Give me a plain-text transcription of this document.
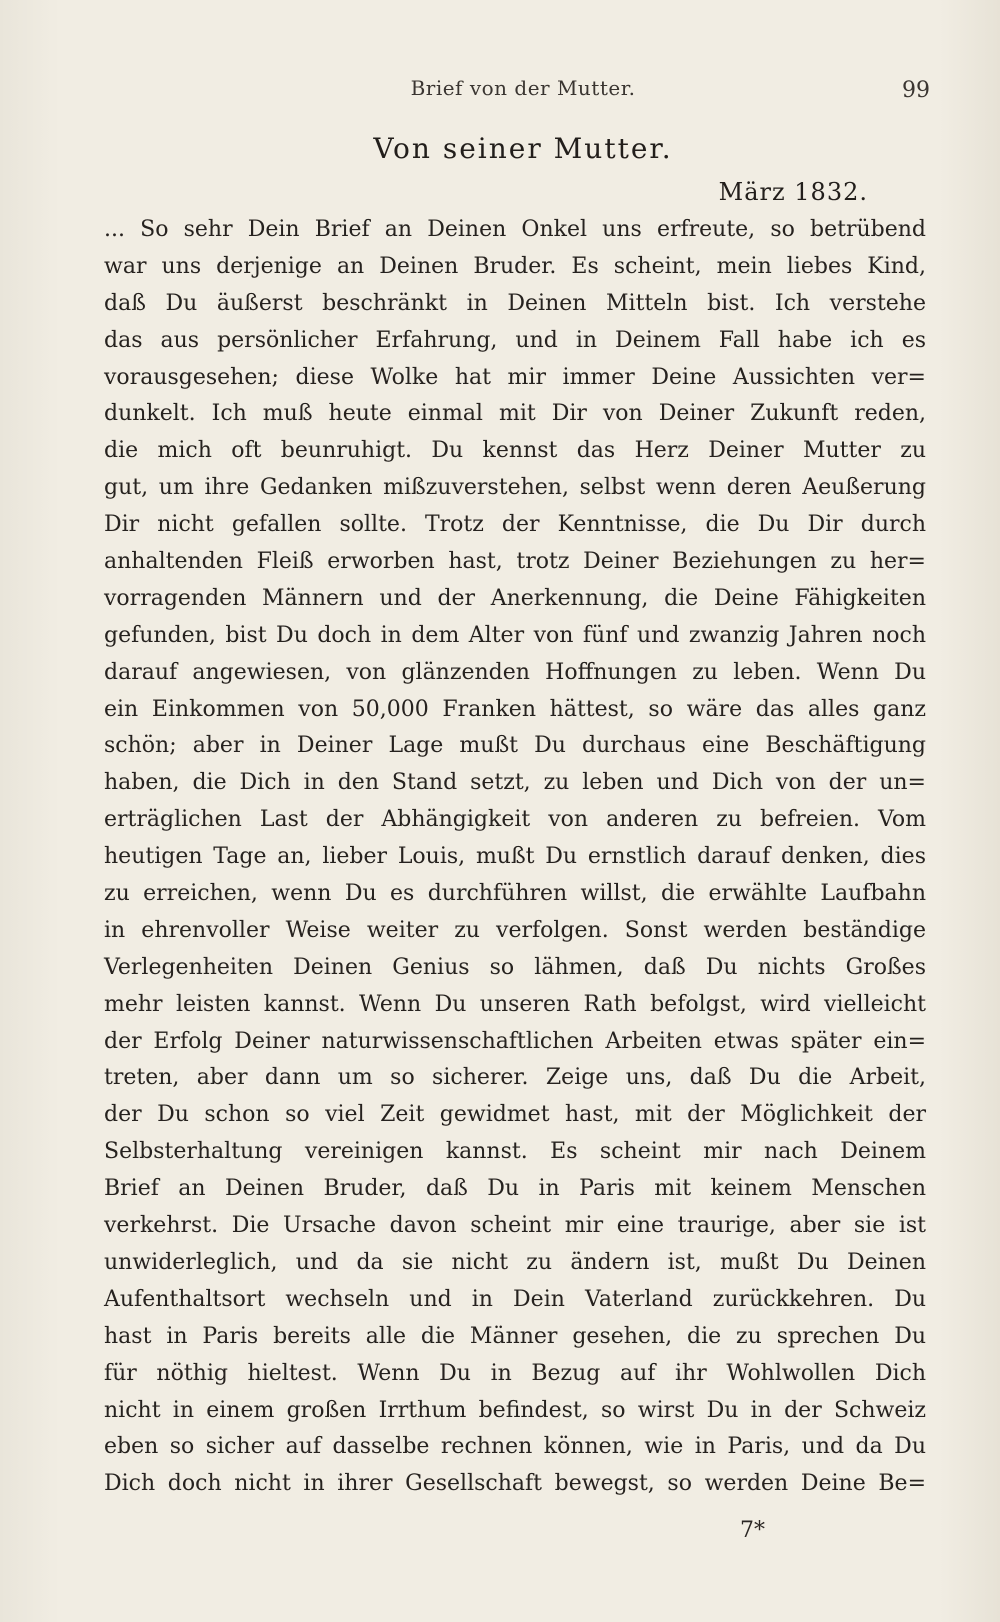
Brief von der Mutter.	99
Von seiner Mutter.
März 1832.
... So sehr Dein Brief an Deinen Onkel uns erfreute, so betrübend
war uns derjenige an Deinen Bruder. Es scheint, mein liebes Kind,
daß Du äußerst beschränkt in Deinen Mitteln bist. Ich verstehe
das aus persönlicher Erfahrung, und in Deinem Fall habe ich es
vorausgesehen; diese Wolke hat mir immer Deine Aussichten ver=
dunkelt. Ich muß heute einmal mit Dir von Deiner Zukunft reden,
die mich oft beunruhigt. Du kennst das Herz Deiner Mutter zu
gut, um ihre Gedanken mißzuverstehen, selbst wenn deren Aeußerung
Dir nicht gefallen sollte. Trotz der Kenntnisse, die Du Dir durch
anhaltenden Fleiß erworben hast, trotz Deiner Beziehungen zu her=
vorragenden Männern und der Anerkennung, die Deine Fähigkeiten
gefunden, bist Du doch in dem Alter von fünf und zwanzig Jahren noch
darauf angewiesen, von glänzenden Hoffnungen zu leben. Wenn Du
ein Einkommen von 50,000 Franken hättest, so wäre das alles ganz
schön; aber in Deiner Lage mußt Du durchaus eine Beschäftigung
haben, die Dich in den Stand setzt, zu leben und Dich von der un=
erträglichen Last der Abhängigkeit von anderen zu befreien. Vom
heutigen Tage an, lieber Louis, mußt Du ernstlich darauf denken, dies
zu erreichen, wenn Du es durchführen willst, die erwählte Laufbahn
in ehrenvoller Weise weiter zu verfolgen. Sonst werden beständige
Verlegenheiten Deinen Genius so lähmen, daß Du nichts Großes
mehr leisten kannst. Wenn Du unseren Rath befolgst, wird vielleicht
der Erfolg Deiner naturwissenschaftlichen Arbeiten etwas später ein=
treten, aber dann um so sicherer. Zeige uns, daß Du die Arbeit,
der Du schon so viel Zeit gewidmet hast, mit der Möglichkeit der
Selbsterhaltung vereinigen kannst. Es scheint mir nach Deinem
Brief an Deinen Bruder, daß Du in Paris mit keinem Menschen
verkehrst. Die Ursache davon scheint mir eine traurige, aber sie ist
unwiderleglich, und da sie nicht zu ändern ist, mußt Du Deinen
Aufenthaltsort wechseln und in Dein Vaterland zurückkehren. Du
hast in Paris bereits alle die Männer gesehen, die zu sprechen Du
für nöthig hieltest. Wenn Du in Bezug auf ihr Wohlwollen Dich
nicht in einem großen Irrthum befindest, so wirst Du in der Schweiz
eben so sicher auf dasselbe rechnen können, wie in Paris, und da Du
Dich doch nicht in ihrer Gesellschaft bewegst, so werden Deine Be=
7*
